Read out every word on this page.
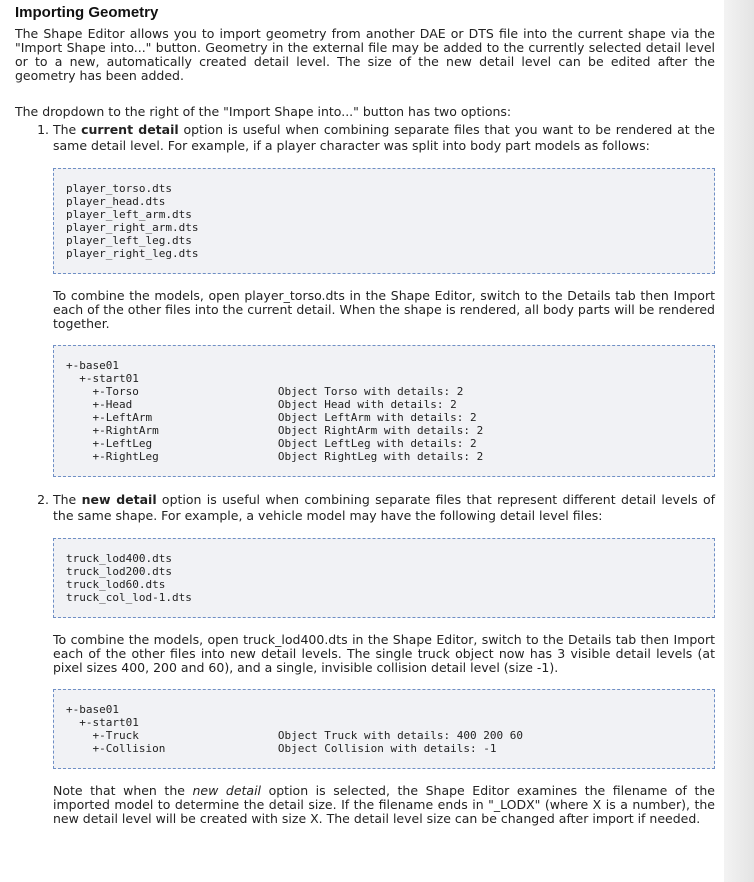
Importing Geometry

The Shape Editor allows you to import geometry from another DAE or DTS file into the current shape via the "Import Shape into..." button. Geometry in the external file may be added to the currently selected detail level or to a new, automatically created detail level. The size of the new detail level can be edited after the geometry has been added.

The dropdown to the right of the "Import Shape into..." button has two options:

1. The current detail option is useful when combining separate files that you want to be rendered at the same detail level. For example, if a player character was split into body part models as follows:
player_torso.dts
player_head.dts
player_left_arm.dts
player_right_arm.dts
player_left_leg.dts
player_right_leg.dts

To combine the models, open player_torso.dts in the Shape Editor, switch to the Details tab then Import each of the other files into the current detail. When the shape is rendered, all body parts will be rendered together.

+-base01
+-start01
+-Torso                     Object Torso with details: 2
+-Head                      Object Head with details: 2
+-LeftArm                   Object LeftArm with details: 2
+-RightArm                  Object RightArm with details: 2
+-LeftLeg                   Object LeftLeg with details: 2
+-RightLeg                  Object RightLeg with details: 2
2. The new detail option is useful when combining separate files that represent different detail levels of the same shape. For example, a vehicle model may have the following detail level files:
truck_lod400.dts
truck_lod200.dts
truck_lod60.dts
truck_col_lod-1.dts

To combine the models, open truck_lod400.dts in the Shape Editor, switch to the Details tab then Import each of the other files into new detail levels. The single truck object now has 3 visible detail levels (at pixel sizes 400, 200 and 60), and a single, invisible collision detail level (size -1).

+-base01
+-start01
+-Truck                     Object Truck with details: 400 200 60
+-Collision                 Object Collision with details: -1

Note that when the new detail option is selected, the Shape Editor examines the filename of the imported model to determine the detail size. If the filename ends in "_LODX" (where X is a number), the new detail level will be created with size X. The detail level size can be changed after import if needed.
